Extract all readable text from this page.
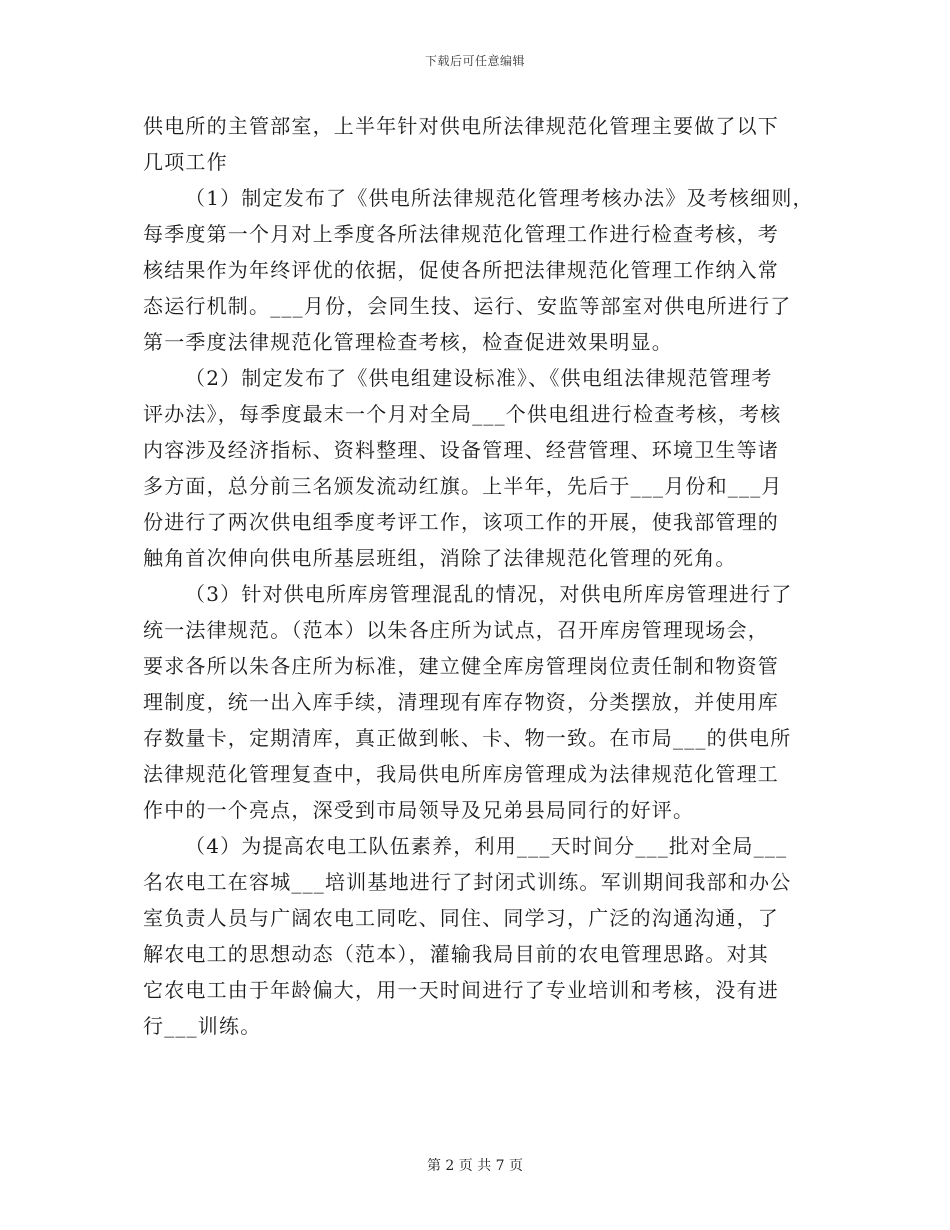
下载后可任意编辑
供电所的主管部室，上半年针对供电所法律规范化管理主要做了以下
几项工作
（1）制定发布了《供电所法律规范化管理考核办法》及考核细则，
每季度第一个月对上季度各所法律规范化管理工作进行检查考核，考
核结果作为年终评优的依据，促使各所把法律规范化管理工作纳入常
态运行机制。___月份，会同生技、运行、安监等部室对供电所进行了
第一季度法律规范化管理检查考核，检查促进效果明显。
（2）制定发布了《供电组建设标准》、《供电组法律规范管理考
评办法》，每季度最末一个月对全局___个供电组进行检查考核，考核
内容涉及经济指标、资料整理、设备管理、经营管理、环境卫生等诸
多方面，总分前三名颁发流动红旗。上半年，先后于___月份和___月
份进行了两次供电组季度考评工作，该项工作的开展，使我部管理的
触角首次伸向供电所基层班组，消除了法律规范化管理的死角。
（3）针对供电所库房管理混乱的情况，对供电所库房管理进行了
统一法律规范。（范本）以朱各庄所为试点，召开库房管理现场会，
要求各所以朱各庄所为标准，建立健全库房管理岗位责任制和物资管
理制度，统一出入库手续，清理现有库存物资，分类摆放，并使用库
存数量卡，定期清库，真正做到帐、卡、物一致。在市局___的供电所
法律规范化管理复查中，我局供电所库房管理成为法律规范化管理工
作中的一个亮点，深受到市局领导及兄弟县局同行的好评。
（4）为提高农电工队伍素养，利用___天时间分___批对全局___
名农电工在容城___培训基地进行了封闭式训练。军训期间我部和办公
室负责人员与广阔农电工同吃、同住、同学习，广泛的沟通沟通，了
解农电工的思想动态（范本），灌输我局目前的农电管理思路。对其
它农电工由于年龄偏大，用一天时间进行了专业培训和考核，没有进
行___训练。
第 2 页 共 7 页
